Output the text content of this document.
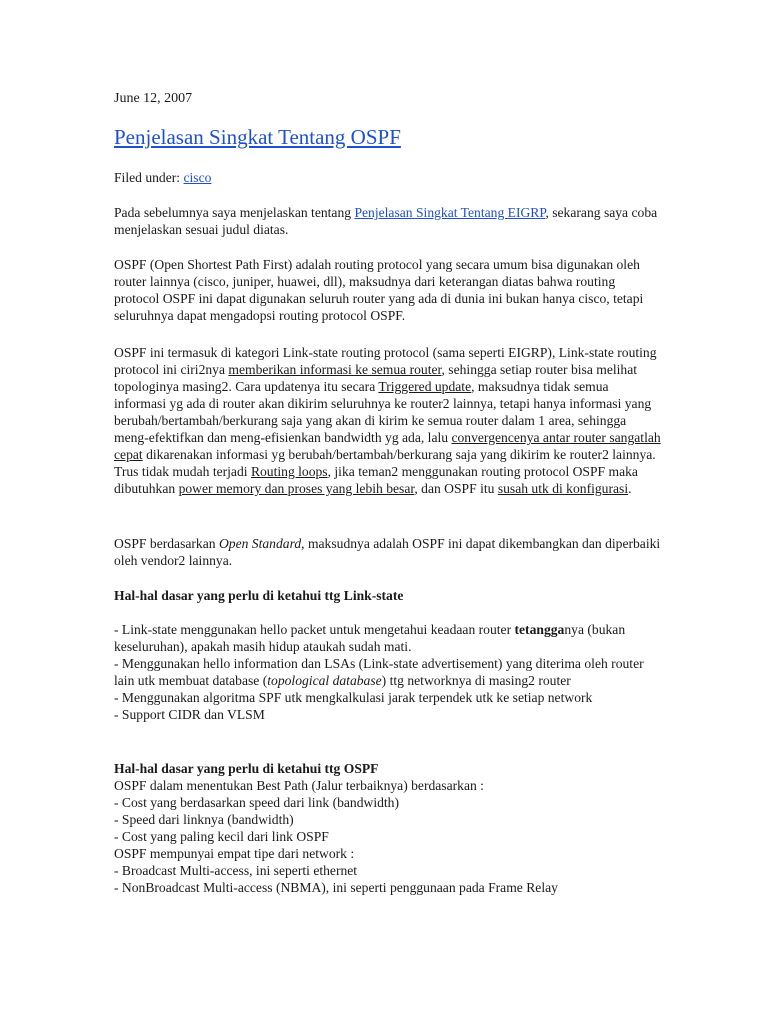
June 12, 2007
Penjelasan Singkat Tentang OSPF
Filed under: cisco

Pada sebelumnya saya menjelaskan tentang Penjelasan Singkat Tentang EIGRP, sekarang saya coba menjelaskan sesuai judul diatas.

OSPF (Open Shortest Path First) adalah routing protocol yang secara umum bisa digunakan oleh router lainnya (cisco, juniper, huawei, dll), maksudnya dari keterangan diatas bahwa routing protocol OSPF ini dapat digunakan seluruh router yang ada di dunia ini bukan hanya cisco, tetapi seluruhnya dapat mengadopsi routing protocol OSPF.

OSPF ini termasuk di kategori Link-state routing protocol (sama seperti EIGRP), Link-state routing protocol ini ciri2nya memberikan informasi ke semua router, sehingga setiap router bisa melihat topologinya masing2. Cara updatenya itu secara Triggered update, maksudnya tidak semua informasi yg ada di router akan dikirim seluruhnya ke router2 lainnya, tetapi hanya informasi yang berubah/bertambah/berkurang saja yang akan di kirim ke semua router dalam 1 area, sehingga meng-efektifkan dan meng-efisienkan bandwidth yg ada, lalu convergencenya antar router sangatlah cepat dikarenakan informasi yg berubah/bertambah/berkurang saja yang dikirim ke router2 lainnya. Trus tidak mudah terjadi Routing loops, jika teman2 menggunakan routing protocol OSPF maka dibutuhkan power memory dan proses yang lebih besar, dan OSPF itu susah utk di konfigurasi.

OSPF berdasarkan Open Standard, maksudnya adalah OSPF ini dapat dikembangkan dan diperbaiki oleh vendor2 lainnya.

Hal-hal dasar yang perlu di ketahui ttg Link-state

- Link-state menggunakan hello packet untuk mengetahui keadaan router tetangganya (bukan keseluruhan), apakah masih hidup ataukah sudah mati.

- Menggunakan hello information dan LSAs (Link-state advertisement) yang diterima oleh router lain utk membuat database (topological database) ttg networknya di masing2 router

- Menggunakan algoritma SPF utk mengkalkulasi jarak terpendek utk ke setiap network

- Support CIDR dan VLSM

Hal-hal dasar yang perlu di ketahui ttg OSPF

OSPF dalam menentukan Best Path (Jalur terbaiknya) berdasarkan :

- Cost yang berdasarkan speed dari link (bandwidth)

- Speed dari linknya (bandwidth)

- Cost yang paling kecil dari link OSPF

OSPF mempunyai empat tipe dari network :

- Broadcast Multi-access, ini seperti ethernet

- NonBroadcast Multi-access (NBMA), ini seperti penggunaan pada Frame Relay
